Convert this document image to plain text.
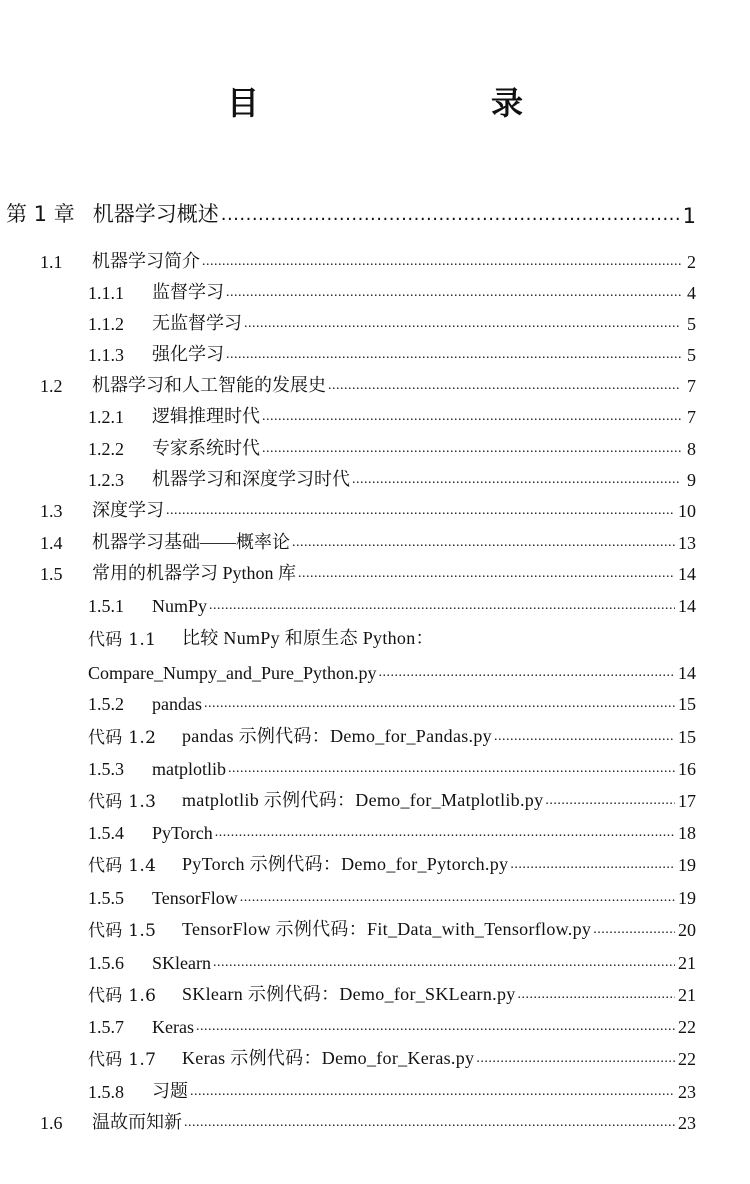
目　　录
第 1 章 机器学习概述 .....	1
1.1	机器学习简介 .....	2
1.1.1	监督学习 .....	4
1.1.2	无监督学习 .....	5
1.1.3	强化学习 .....	5
1.2	机器学习和人工智能的发展史 .....	7
1.2.1	逻辑推理时代 .....	7
1.2.2	专家系统时代 .....	8
1.2.3	机器学习和深度学习时代 .....	9
1.3	深度学习 .....	10
1.4	机器学习基础——概率论 .....	13
1.5	常用的机器学习 Python 库 .....	14
1.5.1	NumPy .....	14
代码 1.1	比较 NumPy 和原生态 Python：
Compare_Numpy_and_Pure_Python.py .....	14
1.5.2	pandas .....	15
代码 1.2	pandas 示例代码：Demo_for_Pandas.py .....	15
1.5.3	matplotlib .....	16
代码 1.3	matplotlib 示例代码：Demo_for_Matplotlib.py .....	17
1.5.4	PyTorch .....	18
代码 1.4	PyTorch 示例代码：Demo_for_Pytorch.py .....	19
1.5.5	TensorFlow .....	19
代码 1.5	TensorFlow 示例代码：Fit_Data_with_Tensorflow.py .....	20
1.5.6	SKlearn .....	21
代码 1.6	SKlearn 示例代码：Demo_for_SKLearn.py .....	21
1.5.7	Keras .....	22
代码 1.7	Keras 示例代码：Demo_for_Keras.py .....	22
1.5.8	习题 .....	23
1.6	温故而知新 .....	23
